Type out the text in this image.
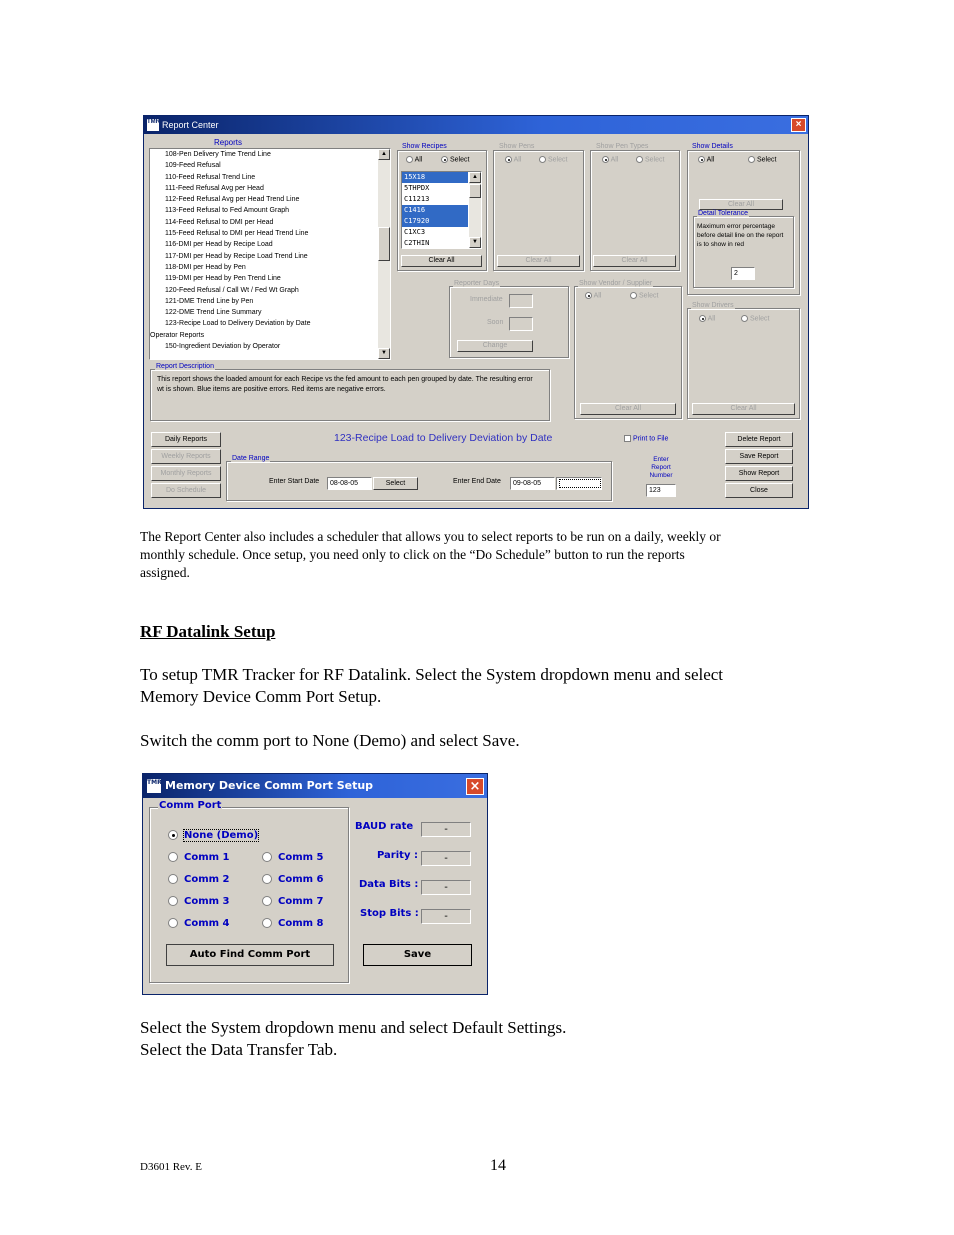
TMR Report Center	×
Reports
108-Pen Delivery Time Trend Line
109-Feed Refusal
110-Feed Refusal Trend Line
111-Feed Refusal Avg per Head
112-Feed Refusal Avg per Head Trend Line
113-Feed Refusal to Fed Amount Graph
114-Feed Refusal to DMI per Head
115-Feed Refusal to DMI per Head Trend Line
116-DMI per Head by Recipe Load
117-DMI per Head by Recipe Load Trend Line
118-DMI per Head by Pen
119-DMI per Head by Pen Trend Line
120-Feed Refusal / Call Wt / Fed Wt Graph
121-DME Trend Line by Pen
122-DME Trend Line Summary
123-Recipe Load to Delivery Deviation by Date
Operator Reports
150-Ingredient Deviation by Operator
▲
▼
Show Recipes
All	Select
15X18
5THPDX
C11213
C1416
C17920
C1XC3
C2THIN
▲
▼
Clear All
Show Pens
All	Select
Clear All
Show Pen Types
All	Select
Clear All
Show Details
All	Select
Clear All
Detail Tolerance
Maximum error percentage before detail line on the report is to show in red
2
Reporter Days
Immediate
Soon
Change
Show Vendor / Supplier
All	Select
Clear All
Show Drivers
All	Select
Clear All
Report Description
This report shows the loaded amount for each Recipe vs the fed amount to each pen grouped by date. The resulting error wt is shown. Blue items are positive errors. Red items are negative errors.
123-Recipe Load to Delivery Deviation by Date	Print to File
Date Range
Enter Start Date	08-08-05	Select	Enter End Date	09-08-05
Enter Report Number
123
Daily Reports
Weekly Reports
Monthly Reports
Do Schedule
Delete Report
Save Report
Show Report
Close
The Report Center also includes a scheduler that allows you to select reports to be run on a daily, weekly or
monthly schedule. Once setup, you need only to click on the “Do Schedule” button to run the reports
assigned.
RF Datalink Setup
To setup TMR Tracker for RF Datalink. Select the System dropdown menu and select
Memory Device Comm Port Setup.
Switch the comm port to None (Demo) and select Save.
TMR Memory Device Comm Port Setup	×
Comm Port
Auto Find Comm Port
BAUD rate	-
Parity :	-
Data Bits :	-
Stop Bits :	-
Save
None (Demo)
Comm 1
Comm 2
Comm 3
Comm 4
Comm 5
Comm 6
Comm 7
Comm 8
Select the System dropdown menu and select Default Settings.
Select the Data Transfer Tab.
D3601 Rev. E	14
